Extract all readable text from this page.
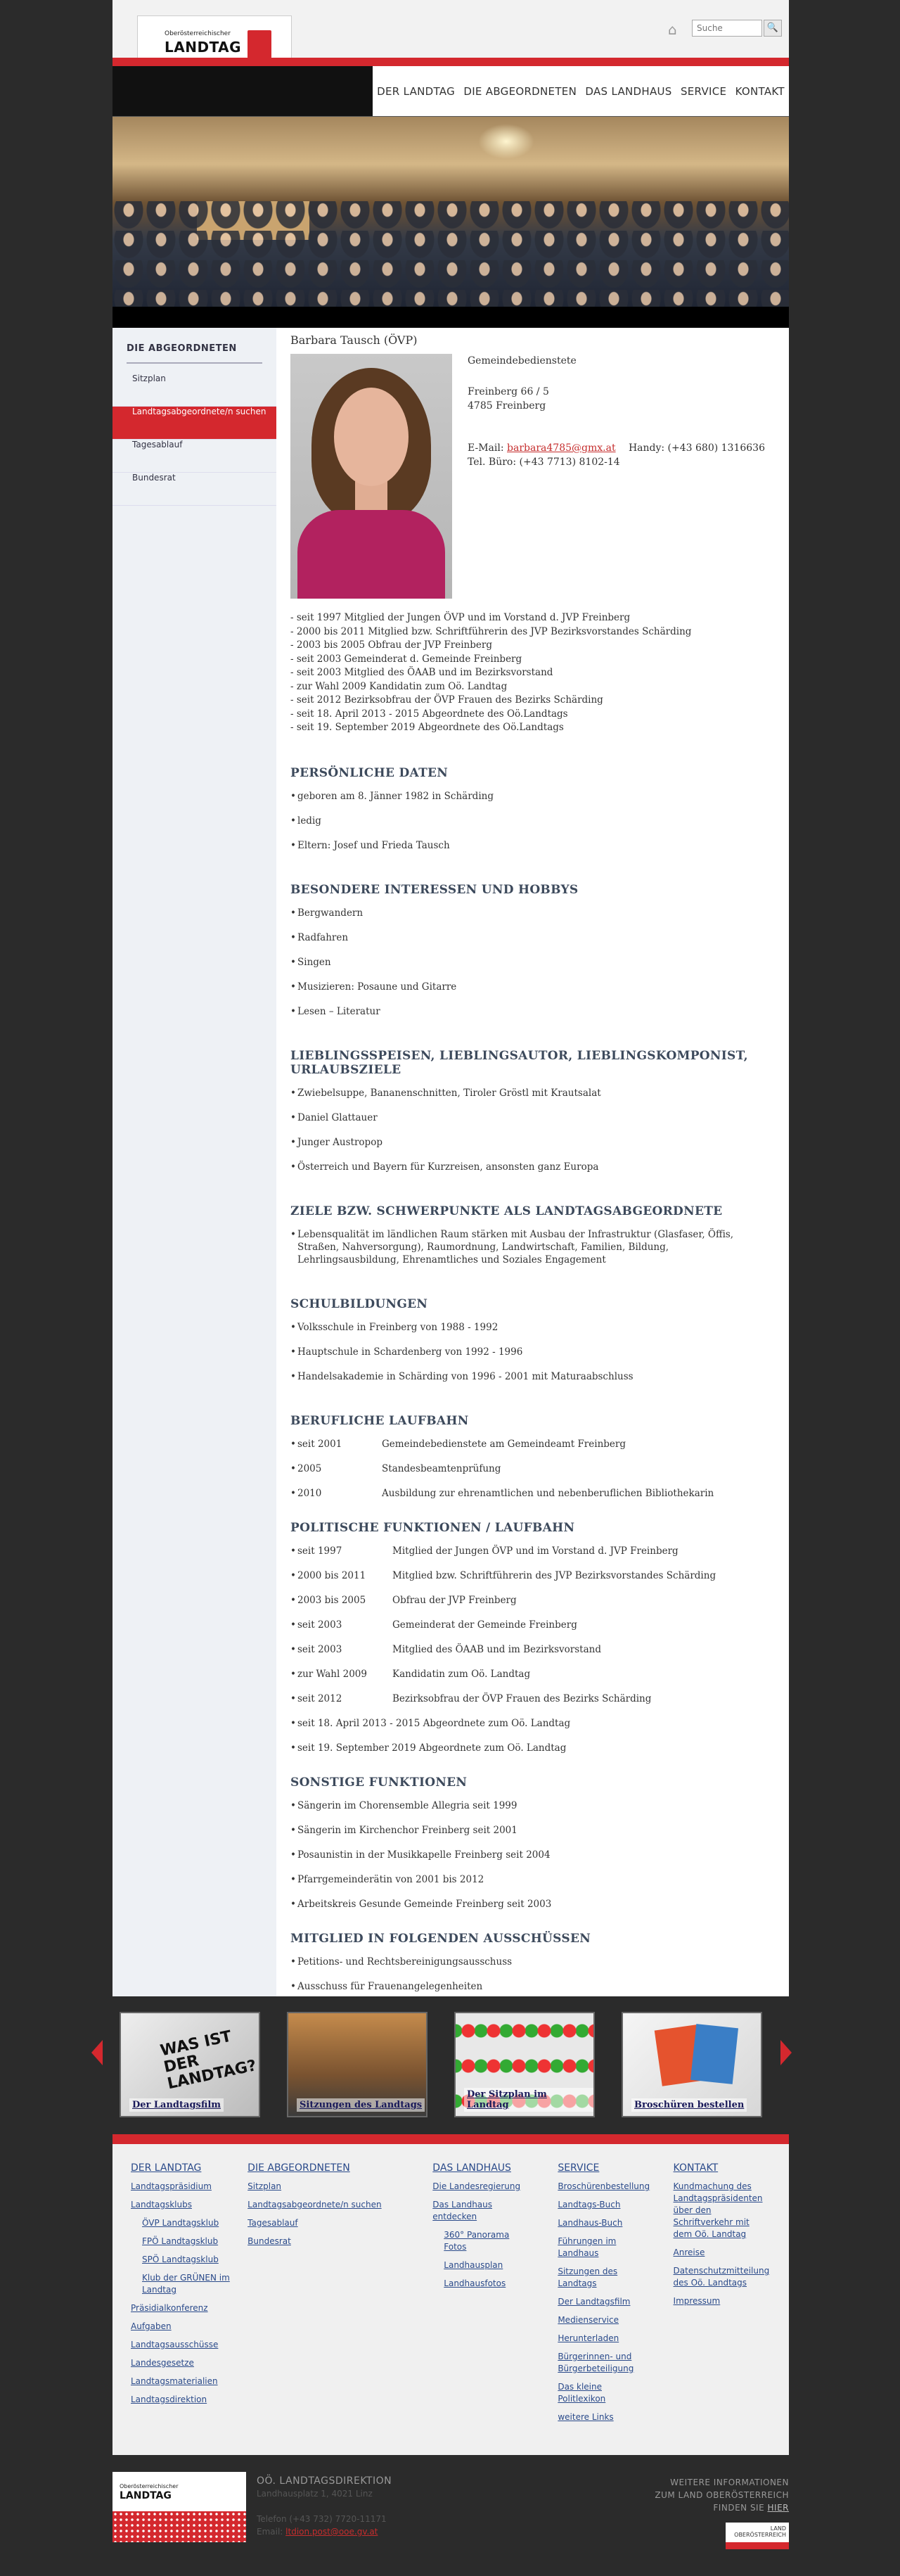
Oberösterreichischer
LANDTAG
⌂
Suche	🔍
DER LANDTAG DIE ABGEORDNETEN DAS LANDHAUS SERVICE KONTAKT
DIE ABGEORDNETEN
Sitzplan
Landtagsabgeordnete/n suchen
Tagesablauf
Bundesrat
Barbara Tausch (ÖVP)
Gemeindebedienstete
Freinberg 66 / 5
4785 Freinberg
E-Mail: barbara4785@gmx.at Handy: (+43 680) 1316636
Tel. Büro: (+43 7713) 8102-14
- seit 1997 Mitglied der Jungen ÖVP und im Vorstand d. JVP Freinberg
- 2000 bis 2011 Mitglied bzw. Schriftführerin des JVP Bezirksvorstandes Schärding
- 2003 bis 2005 Obfrau der JVP Freinberg
- seit 2003 Gemeinderat d. Gemeinde Freinberg
- seit 2003 Mitglied des ÖAAB und im Bezirksvorstand
- zur Wahl 2009 Kandidatin zum Oö. Landtag
- seit 2012 Bezirksobfrau der ÖVP Frauen des Bezirks Schärding
- seit 18. April 2013 - 2015 Abgeordnete des Oö.Landtags
- seit 19. September 2019 Abgeordnete des Oö.Landtags
PERSÖNLICHE DATEN
• geboren am 8. Jänner 1982 in Schärding
• ledig
• Eltern: Josef und Frieda Tausch
BESONDERE INTERESSEN UND HOBBYS
• Bergwandern
• Radfahren
• Singen
• Musizieren: Posaune und Gitarre
• Lesen – Literatur
LIEBLINGSSPEISEN, LIEBLINGSAUTOR, LIEBLINGSKOMPONIST, URLAUBSZIELE
• Zwiebelsuppe, Bananenschnitten, Tiroler Gröstl mit Krautsalat
• Daniel Glattauer
• Junger Austropop
• Österreich und Bayern für Kurzreisen, ansonsten ganz Europa
ZIELE BZW. SCHWERPUNKTE ALS LANDTAGSABGEORDNETE
• Lebensqualität im ländlichen Raum stärken mit Ausbau der Infrastruktur (Glasfaser, Öffis, Straßen, Nahversorgung), Raumordnung, Landwirtschaft, Familien, Bildung, Lehrlingsausbildung, Ehrenamtliches und Soziales Engagement
SCHULBILDUNGEN
• Volksschule in Freinberg von 1988 - 1992
• Hauptschule in Schardenberg von 1992 - 1996
• Handelsakademie in Schärding von 1996 - 2001 mit Maturaabschluss
BERUFLICHE LAUFBAHN
• seit 2001	Gemeindebedienstete am Gemeindeamt Freinberg
• 2005	Standesbeamtenprüfung
• 2010	Ausbildung zur ehrenamtlichen und nebenberuflichen Bibliothekarin
POLITISCHE FUNKTIONEN / LAUFBAHN
• seit 1997	Mitglied der Jungen ÖVP und im Vorstand d. JVP Freinberg
• 2000 bis 2011	Mitglied bzw. Schriftführerin des JVP Bezirksvorstandes Schärding
• 2003 bis 2005	Obfrau der JVP Freinberg
• seit 2003	Gemeinderat der Gemeinde Freinberg
• seit 2003	Mitglied des ÖAAB und im Bezirksvorstand
• zur Wahl 2009	Kandidatin zum Oö. Landtag
• seit 2012	Bezirksobfrau der ÖVP Frauen des Bezirks Schärding
• seit 18. April 2013 - 2015 Abgeordnete zum Oö. Landtag
• seit 19. September 2019 Abgeordnete zum Oö. Landtag
SONSTIGE FUNKTIONEN
• Sängerin im Chorensemble Allegria seit 1999
• Sängerin im Kirchenchor Freinberg seit 2001
• Posaunistin in der Musikkapelle Freinberg seit 2004
• Pfarrgemeinderätin von 2001 bis 2012
• Arbeitskreis Gesunde Gemeinde Freinberg seit 2003
MITGLIED IN FOLGENDEN AUSSCHÜSSEN
• Petitions- und Rechtsbereinigungsausschuss
• Ausschuss für Frauenangelegenheiten
•
WAS IST DER LANDTAG?
Der Landtagsfilm	Sitzungen des Landtags
Der Sitzplan im Landtag	Broschüren bestellen
DER LANDTAG
Landtagspräsidium
Landtagsklubs
ÖVP Landtagsklub
FPÖ Landtagsklub
SPÖ Landtagsklub
Klub der GRÜNEN im Landtag
Präsidialkonferenz
Aufgaben
Landtagsausschüsse
Landesgesetze
Landtagsmaterialien
Landtagsdirektion
DIE ABGEORDNETEN
Sitzplan
Landtagsabgeordnete/n suchen
Tagesablauf
Bundesrat
DAS LANDHAUS
Die Landesregierung
Das Landhaus entdecken
360° Panorama Fotos
Landhausplan
Landhausfotos
SERVICE
Broschürenbestellung
Landtags-Buch
Landhaus-Buch
Führungen im Landhaus
Sitzungen des Landtags
Der Landtagsfilm
Medienservice
Herunterladen
Bürgerinnen- und Bürgerbeteiligung
Das kleine Politlexikon
weitere Links
KONTAKT
Kundmachung des Landtagspräsidenten über den Schriftverkehr mit dem Oö. Landtag
Anreise
Datenschutzmitteilung des Oö. Landtags
Impressum
Oberösterreichischer
LANDTAG
OÖ. LANDTAGSDIREKTION
Landhausplatz 1, 4021 Linz
Telefon (+43 732) 7720-11171
Email: ltdion.post@ooe.gv.at
WEITERE INFORMATIONEN
ZUM LAND OBERÖSTERREICH
FINDEN SIE HIER
LAND OBERÖSTERREICH
